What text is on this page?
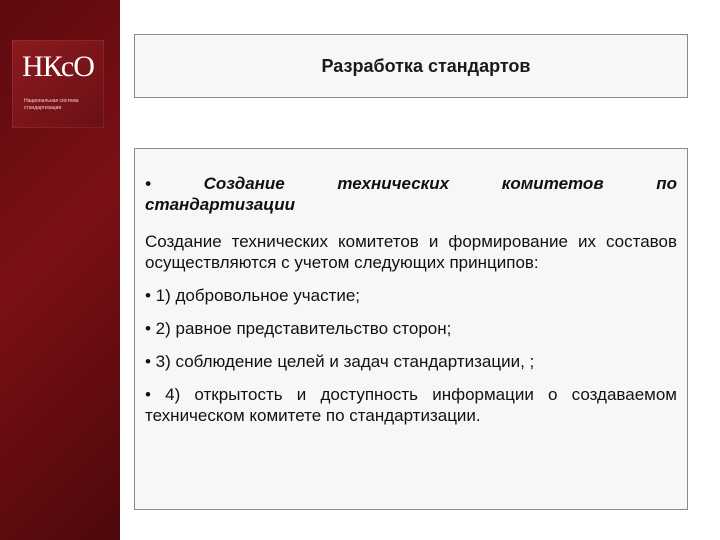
НКсО
Национальная система стандартизации
Разработка стандартов
•	Создание	технических	комитетов	по
стандартизации

Создание технических комитетов и формирование их составов осуществляются с учетом следующих принципов:

• 1) добровольное участие;

• 2) равное представительство сторон;

• 3) соблюдение целей и задач стандартизации, ;

• 4) открытость и доступность информации о создаваемом техническом комитете по стандартизации.
